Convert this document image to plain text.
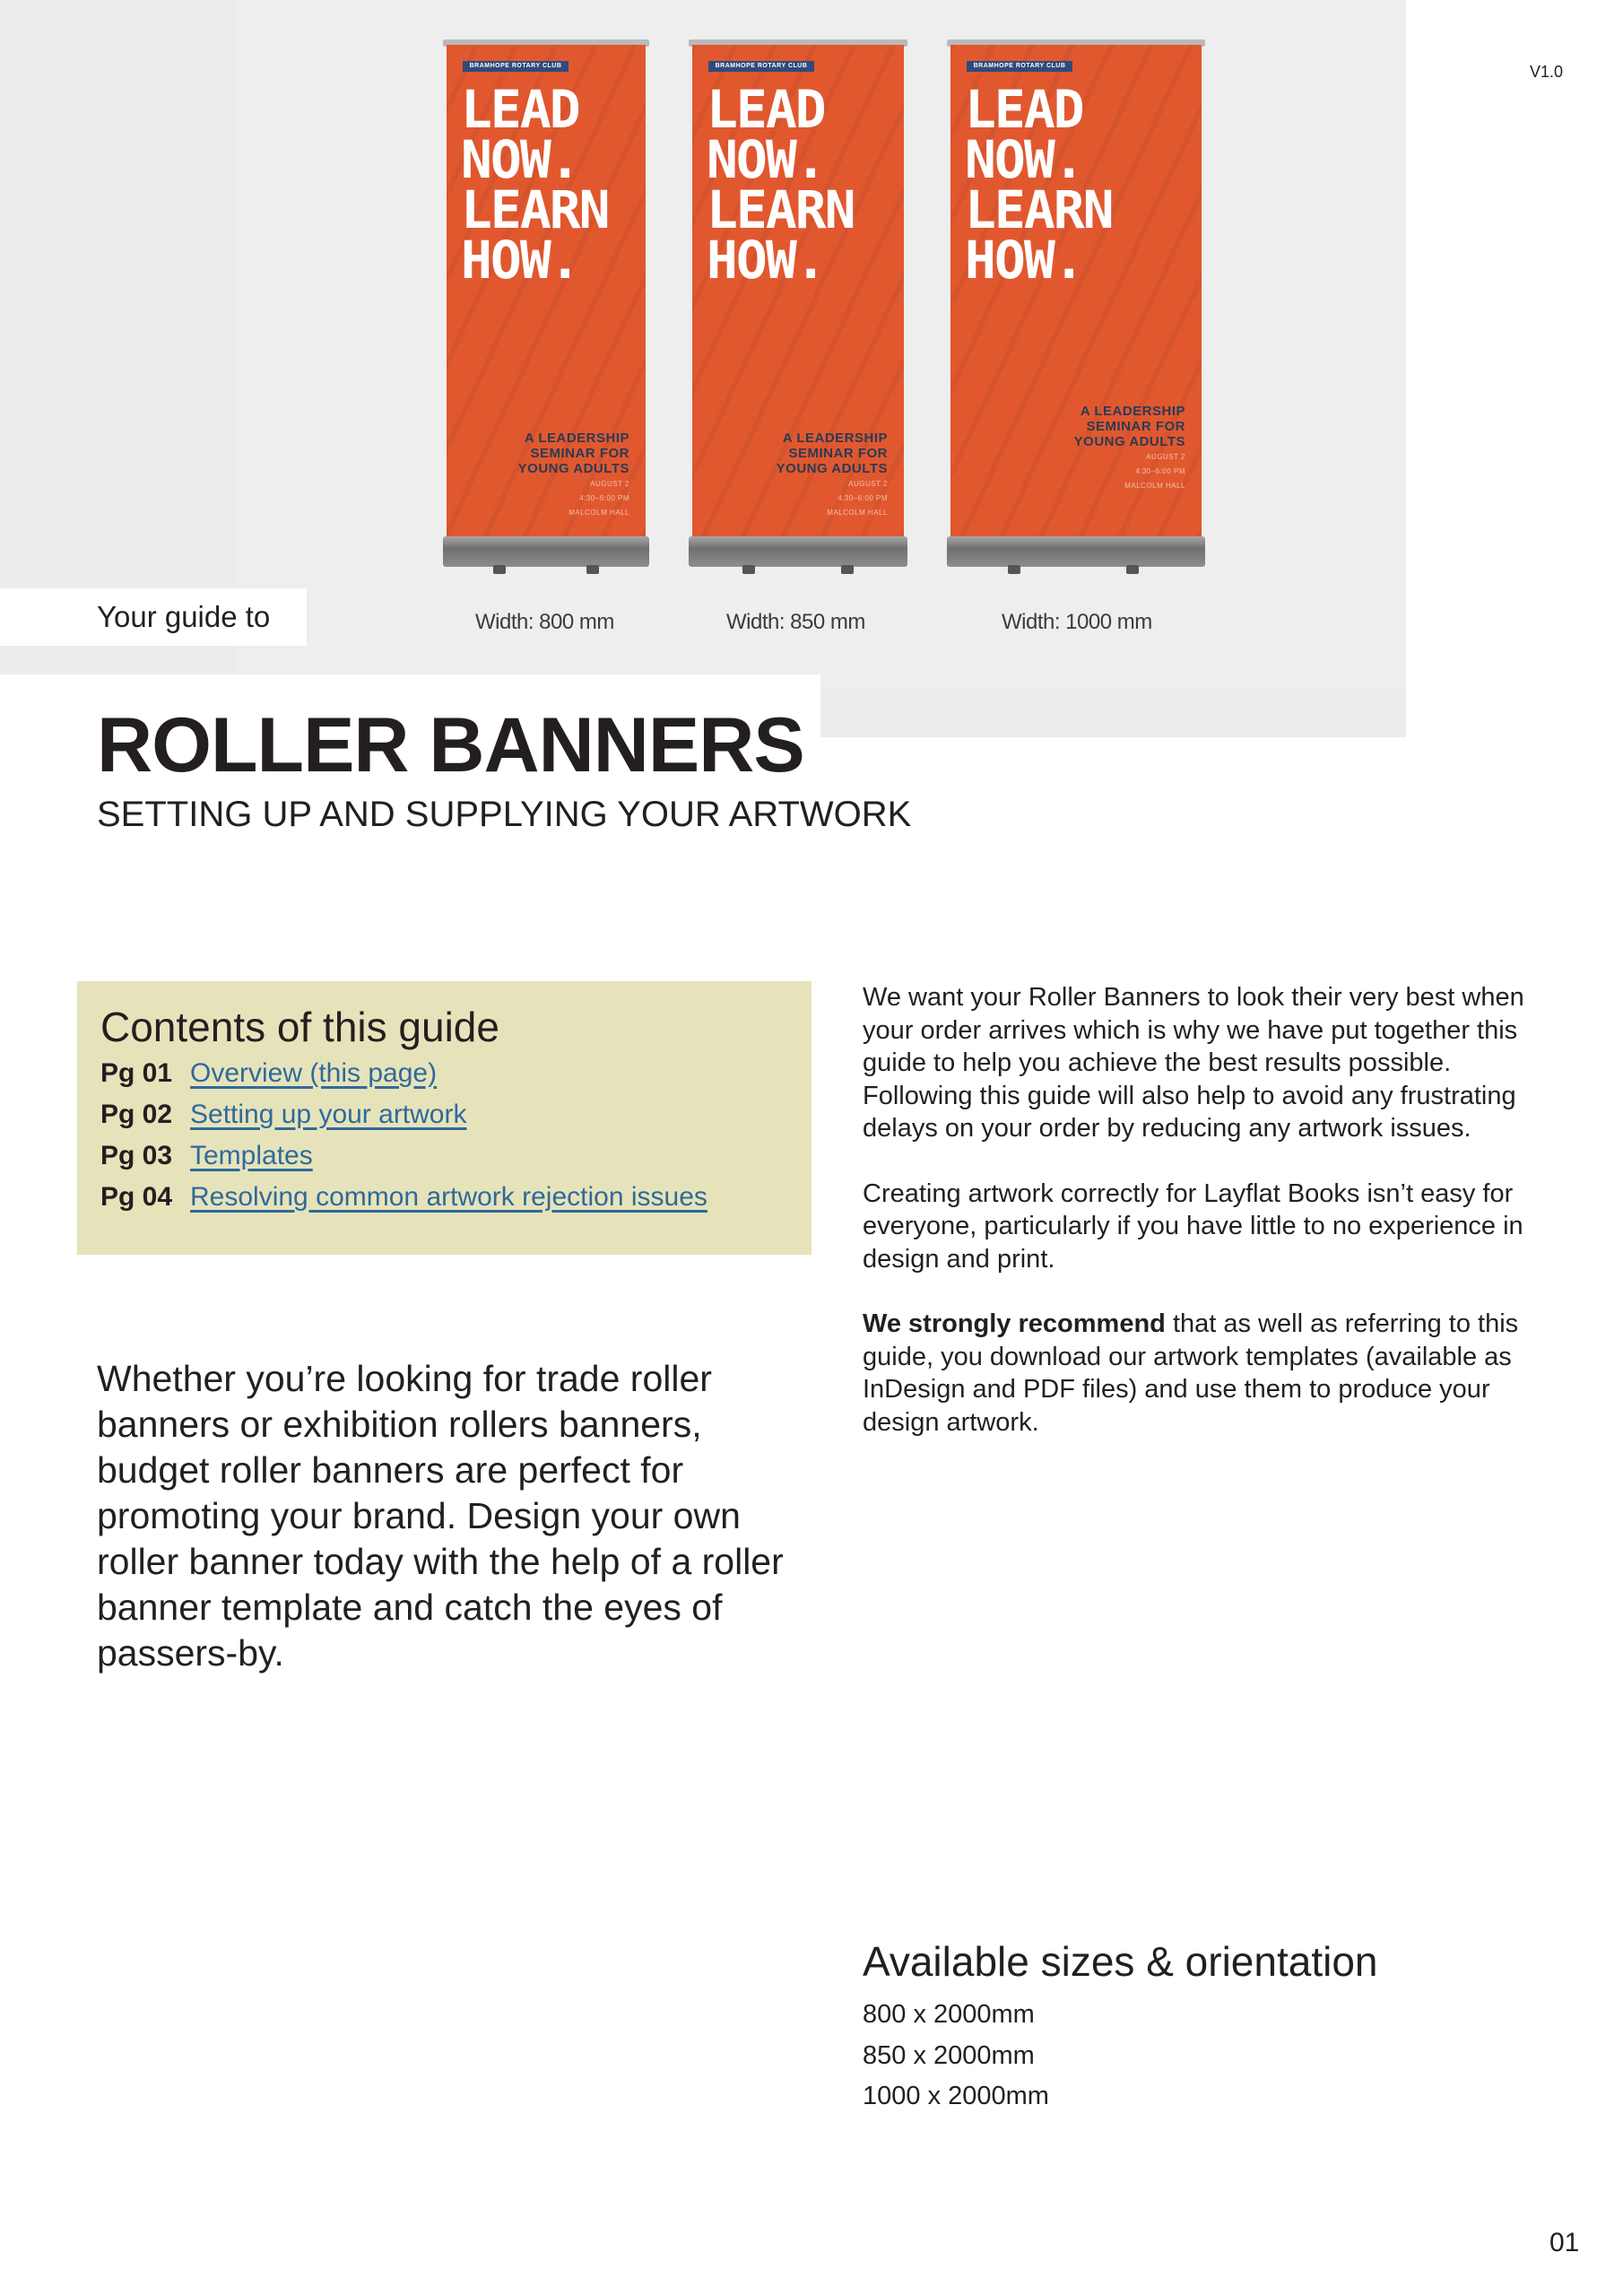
V1.0
BRAMHOPE ROTARY CLUB
LEAD
NOW.
LEARN
HOW.
A LEADERSHIP
SEMINAR FOR
YOUNG ADULTS
AUGUST 2
4:30–6:00 PM
MALCOLM HALL
BRAMHOPE ROTARY CLUB
LEAD
NOW.
LEARN
HOW.
A LEADERSHIP
SEMINAR FOR
YOUNG ADULTS
AUGUST 2
4:30–6:00 PM
MALCOLM HALL
BRAMHOPE ROTARY CLUB
LEAD
NOW.
LEARN
HOW.
A LEADERSHIP
SEMINAR FOR
YOUNG ADULTS
AUGUST 2
4:30–6:00 PM
MALCOLM HALL
Width: 800 mm	Width: 850 mm	Width: 1000 mm
Your guide to
ROLLER BANNERS
SETTING UP AND SUPPLYING YOUR ARTWORK
Contents of this guide
Pg 01 Overview (this page)
Pg 02 Setting up your artwork
Pg 03 Templates
Pg 04 Resolving common artwork rejection issues

Whether you’re looking for trade roller banners or exhibition rollers banners, budget roller banners are perfect for promoting your brand. Design your own roller banner today with the help of a roller banner template and catch the eyes of passers-by.

We want your Roller Banners to look their very best when your order arrives which is why we have put together this guide to help you achieve the best results possible. Following this guide will also help to avoid any frustrating delays on your order by reducing any artwork issues.

Creating artwork correctly for Layflat Books isn’t easy for everyone, particularly if you have little to no experience in design and print.

We strongly recommend that as well as referring to this guide, you download our artwork templates (available as InDesign and PDF files) and use them to produce your design artwork.

Available sizes & orientation
800 x 2000mm
850 x 2000mm
1000 x 2000mm
01
